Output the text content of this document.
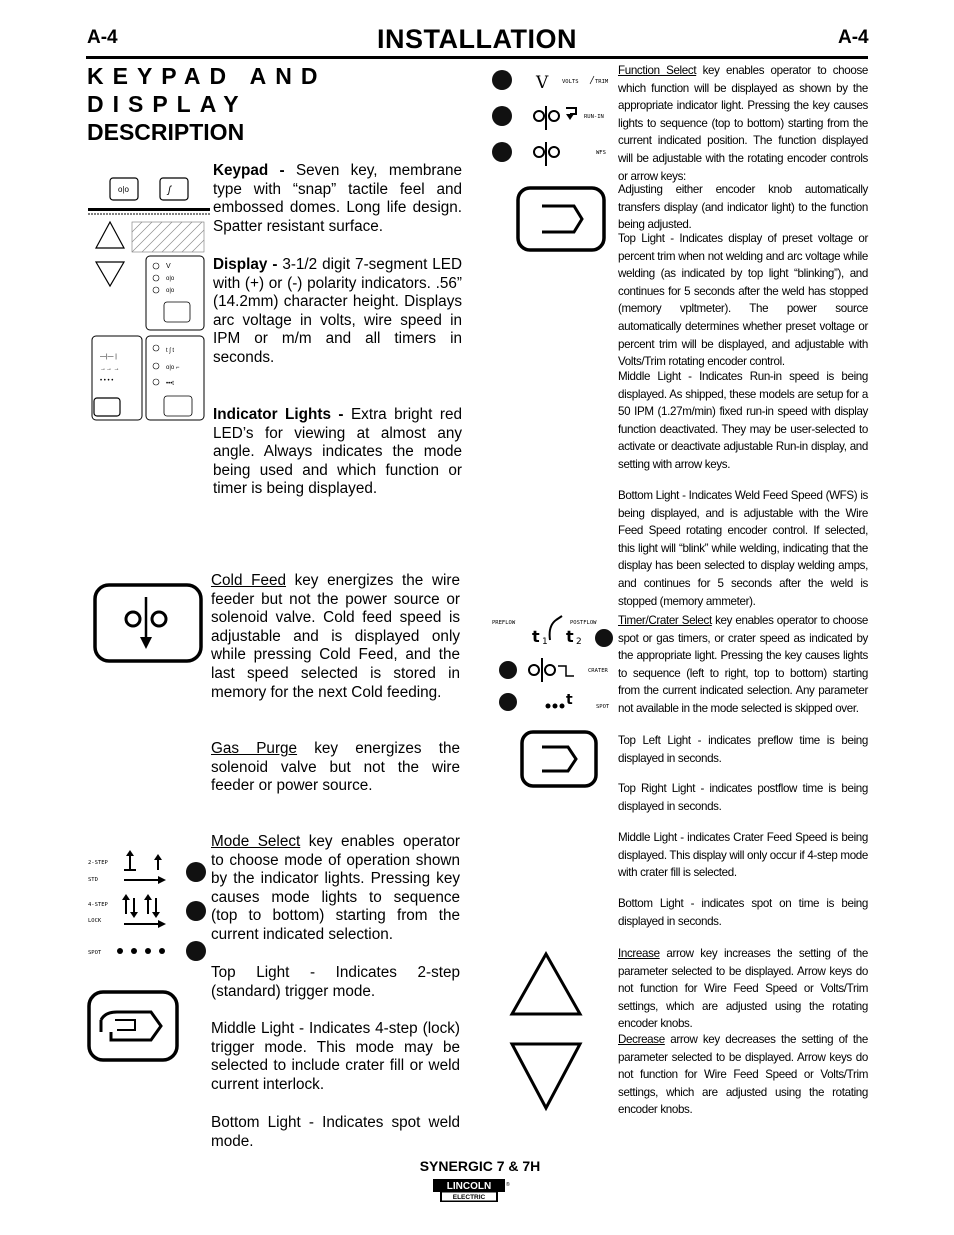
A-4	INSTALLATION	A-4
KEYPAD AND DISPLAY
DESCRIPTION
o|o	ʃ
V
o|o
o|o
—|— |
→→ →
• • • •
t ʃ t
o|o ⌐
•••t
Keypad - Seven key, membrane type with “snap” tactile feel and embossed domes. Long life design. Spatter resistant surface.
Display - 3-1/2 digit 7-segment LED with (+) or (-) polarity indicators. .56” (14.2mm) character height. Displays arc voltage in volts, wire speed in IPM or m/m and all timers in seconds.
Indicator Lights - Extra bright red LED’s for viewing at almost any angle. Always indicates the mode being used and which function or timer is being displayed.
Cold Feed key energizes the wire feeder but not the power source or solenoid valve. Cold feed speed is adjustable and is displayed only while pressing Cold Feed, and the last speed selected is stored in memory for the next Cold feeding.
Gas Purge key energizes the solenoid valve but not the wire feeder or power source.
2-STEP
STD
4-STEP
LOCK
SPOT
Mode Select key enables operator to choose mode of operation shown by the indicator lights. Pressing key causes mode lights to sequence (top to bottom) starting from the current indicated selection.
Top Light - Indicates 2-step (standard) trigger mode.
Middle Light - Indicates 4-step (lock) trigger mode. This mode may be selected to include crater fill or weld current interlock.
Bottom Light - Indicates spot weld mode.
V VOLTS	TRIM
RUN-IN
WFS
PREFLOW	POSTFLOW
t 1 t 2
CRATER
t	SPOT
Function Select key enables operator to choose which function will be displayed as shown by the appropriate indicator light. Pressing the key causes lights to sequence (top to bottom) starting from the current indicated position. The function displayed will be adjustable with the rotating encoder controls or arrow keys:
Adjusting either encoder knob automatically transfers display (and indicator light) to the function being adjusted.
Top Light - Indicates display of preset voltage or percent trim when not welding and arc voltage while welding (as indicated by top light “blinking”), and continues for 5 seconds after the weld has stopped (memory vpltmeter). The power source automatically determines whether preset voltage or percent trim will be displayed, and adjustable with Volts/Trim rotating encoder control.
Middle Light - Indicates Run-in speed is being displayed. As shipped, these models are setup for a 50 IPM (1.27m/min) fixed run-in speed with display function deactivated. They may be user-selected to activate or deactivate adjustable Run-in display, and setting with arrow keys.
Bottom Light - Indicates Weld Feed Speed (WFS) is being displayed, and is adjustable with the Wire Feed Speed rotating encoder control. If selected, this light will “blink” while welding, indicating that the display has been selected to display welding amps, and continues for 5 seconds after the weld is stopped (memory ammeter).
Timer/Crater Select key enables operator to choose spot or gas timers, or crater speed as indicated by the appropriate light. Pressing the key causes lights to sequence (left to right, top to bottom) starting from the current indicated selection. Any parameter not available in the mode selected is skipped over.
Top Left Light - indicates preflow time is being displayed in seconds.
Top Right Light - indicates postflow time is being displayed in seconds.
Middle Light - indicates Crater Feed Speed is being displayed. This display will only occur if 4-step mode with crater fill is selected.
Bottom Light - indicates spot on time is being displayed in seconds.
Increase arrow key increases the setting of the parameter selected to be displayed. Arrow keys do not function for Wire Feed Speed or Volts/Trim settings, which are adjusted using the rotating encoder knobs.
Decrease arrow key decreases the setting of the parameter selected to be displayed. Arrow keys do not function for Wire Feed Speed or Volts/Trim settings, which are adjusted using the rotating encoder knobs.
SYNERGIC 7 & 7H
LINCOLN
ELECTRIC
®
